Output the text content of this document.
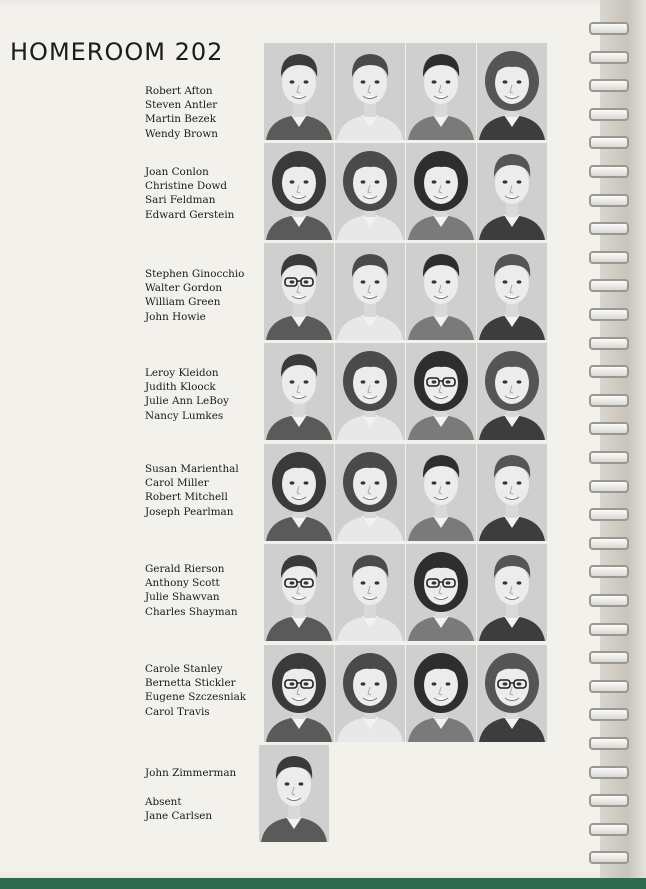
HOMEROOM 202
Robert Afton
Steven Antler
Martin Bezek
Wendy Brown
Joan Conlon
Christine Dowd
Sari Feldman
Edward Gerstein
Stephen Ginocchio
Walter Gordon
William Green
John Howie
Leroy Kleidon
Judith Kloock
Julie Ann LeBoy
Nancy Lumkes
Susan Marienthal
Carol Miller
Robert Mitchell
Joseph Pearlman
Gerald Rierson
Anthony Scott
Julie Shawvan
Charles Shayman
Carole Stanley
Bernetta Stickler
Eugene Szczesniak
Carol Travis
John Zimmerman
Absent
Jane Carlsen
